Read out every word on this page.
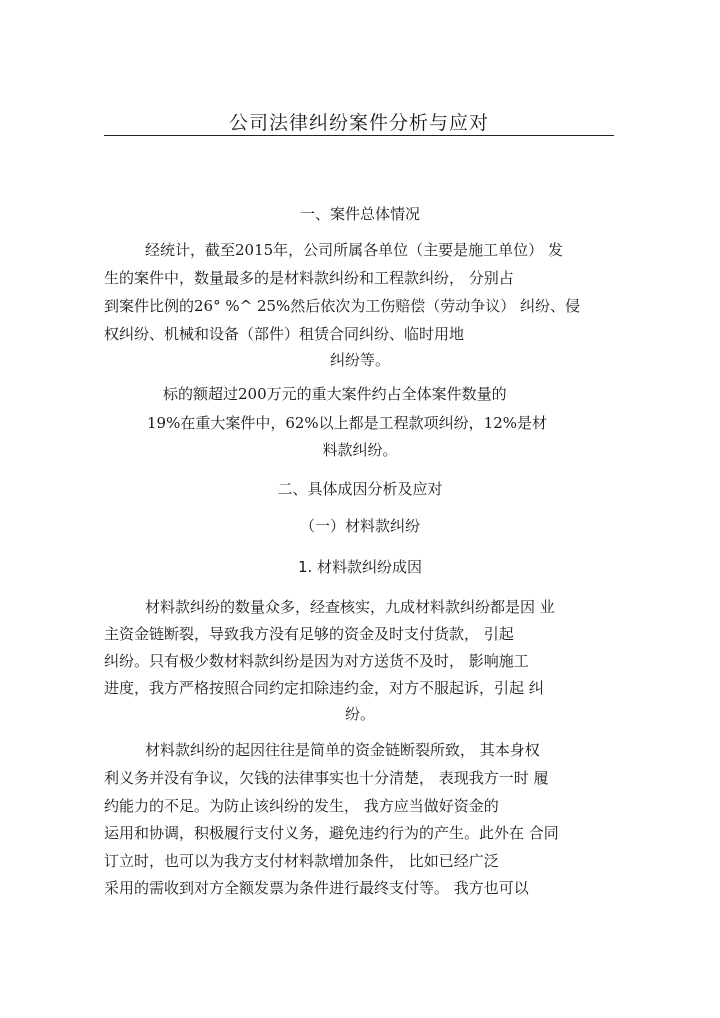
公司法律纠纷案件分析与应对
一、案件总体情况
经统计，截至2015年，公司所属各单位（主要是施工单位） 发
生的案件中，数量最多的是材料款纠纷和工程款纠纷， 分别占
到案件比例的26° %^ 25%然后依次为工伤赔偿（劳动争议） 纠纷、侵
权纠纷、机械和设备（部件）租赁合同纠纷、临时用地
纠纷等。
标的额超过200万元的重大案件约占全体案件数量的
19%在重大案件中，62%以上都是工程款项纠纷，12%是材
料款纠纷。
二、具体成因分析及应对
（一）材料款纠纷
1. 材料款纠纷成因
材料款纠纷的数量众多，经查核实，九成材料款纠纷都是因 业
主资金链断裂，导致我方没有足够的资金及时支付货款， 引起
纠纷。只有极少数材料款纠纷是因为对方送货不及时， 影响施工
进度，我方严格按照合同约定扣除违约金，对方不服起诉，引起 纠
纷。
材料款纠纷的起因往往是简单的资金链断裂所致， 其本身权
利义务并没有争议，欠钱的法律事实也十分清楚， 表现我方一时 履
约能力的不足。为防止该纠纷的发生， 我方应当做好资金的
运用和协调，积极履行支付义务，避免违约行为的产生。此外在 合同
订立时，也可以为我方支付材料款增加条件， 比如已经广泛
采用的需收到对方全额发票为条件进行最终支付等。 我方也可以
